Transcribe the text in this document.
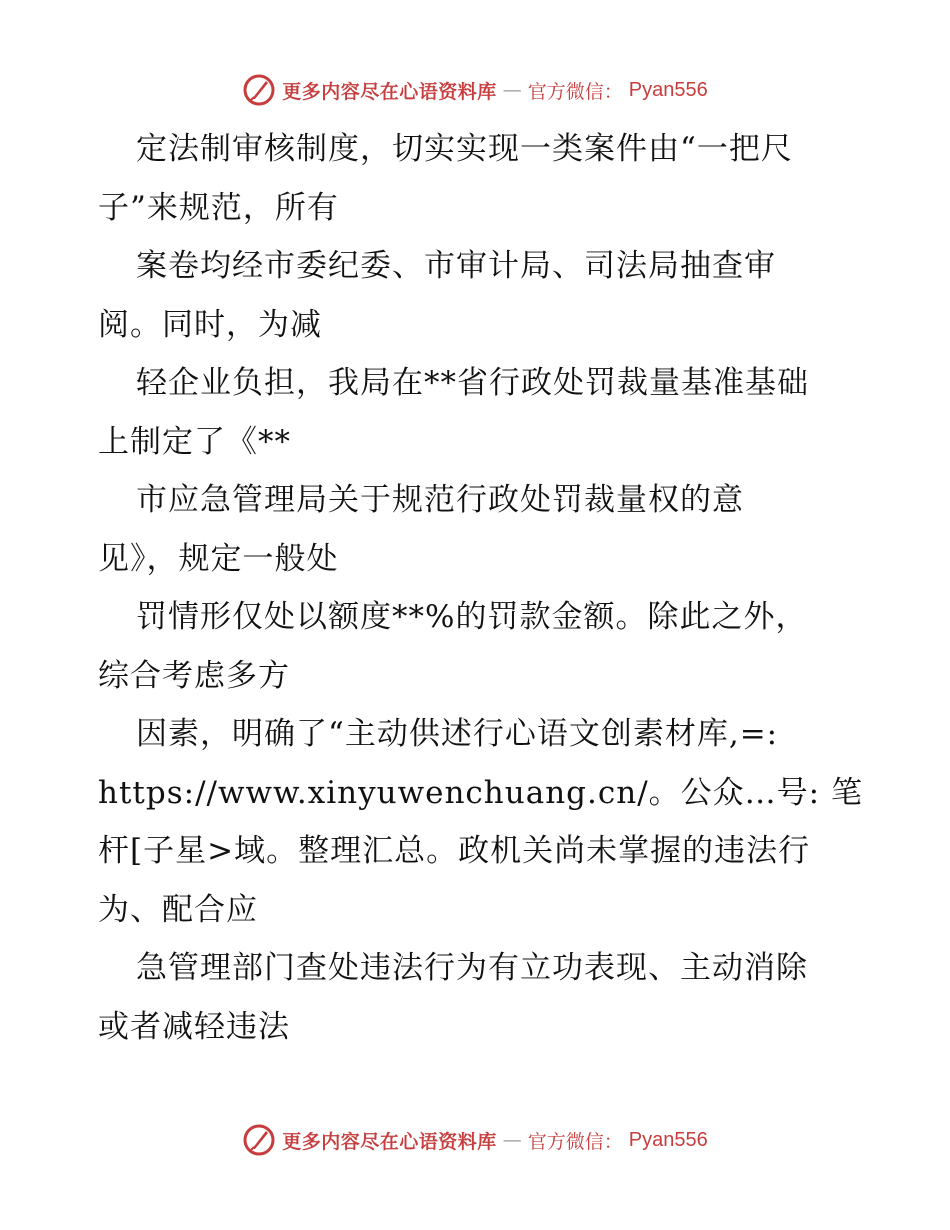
更多内容尽在心语资料库 — 官方微信： Pyan556
定法制审核制度，切实实现一类案件由“一把尺
子”来规范，所有
案卷均经市委纪委、市审计局、司法局抽查审
阅。同时，为减
轻企业负担，我局在**省行政处罚裁量基准基础
上制定了《**
市应急管理局关于规范行政处罚裁量权的意
见》，规定一般处
罚情形仅处以额度**%的罚款金额。除此之外，
综合考虑多方
因素，明确了“主动供述行心语文创素材库,=:
https://www.xinyuwenchuang.cn/。公众…号: 笔
杆[子星>域。整理汇总。政机关尚未掌握的违法行
为、配合应
急管理部门查处违法行为有立功表现、主动消除
或者减轻违法
更多内容尽在心语资料库 — 官方微信： Pyan556
